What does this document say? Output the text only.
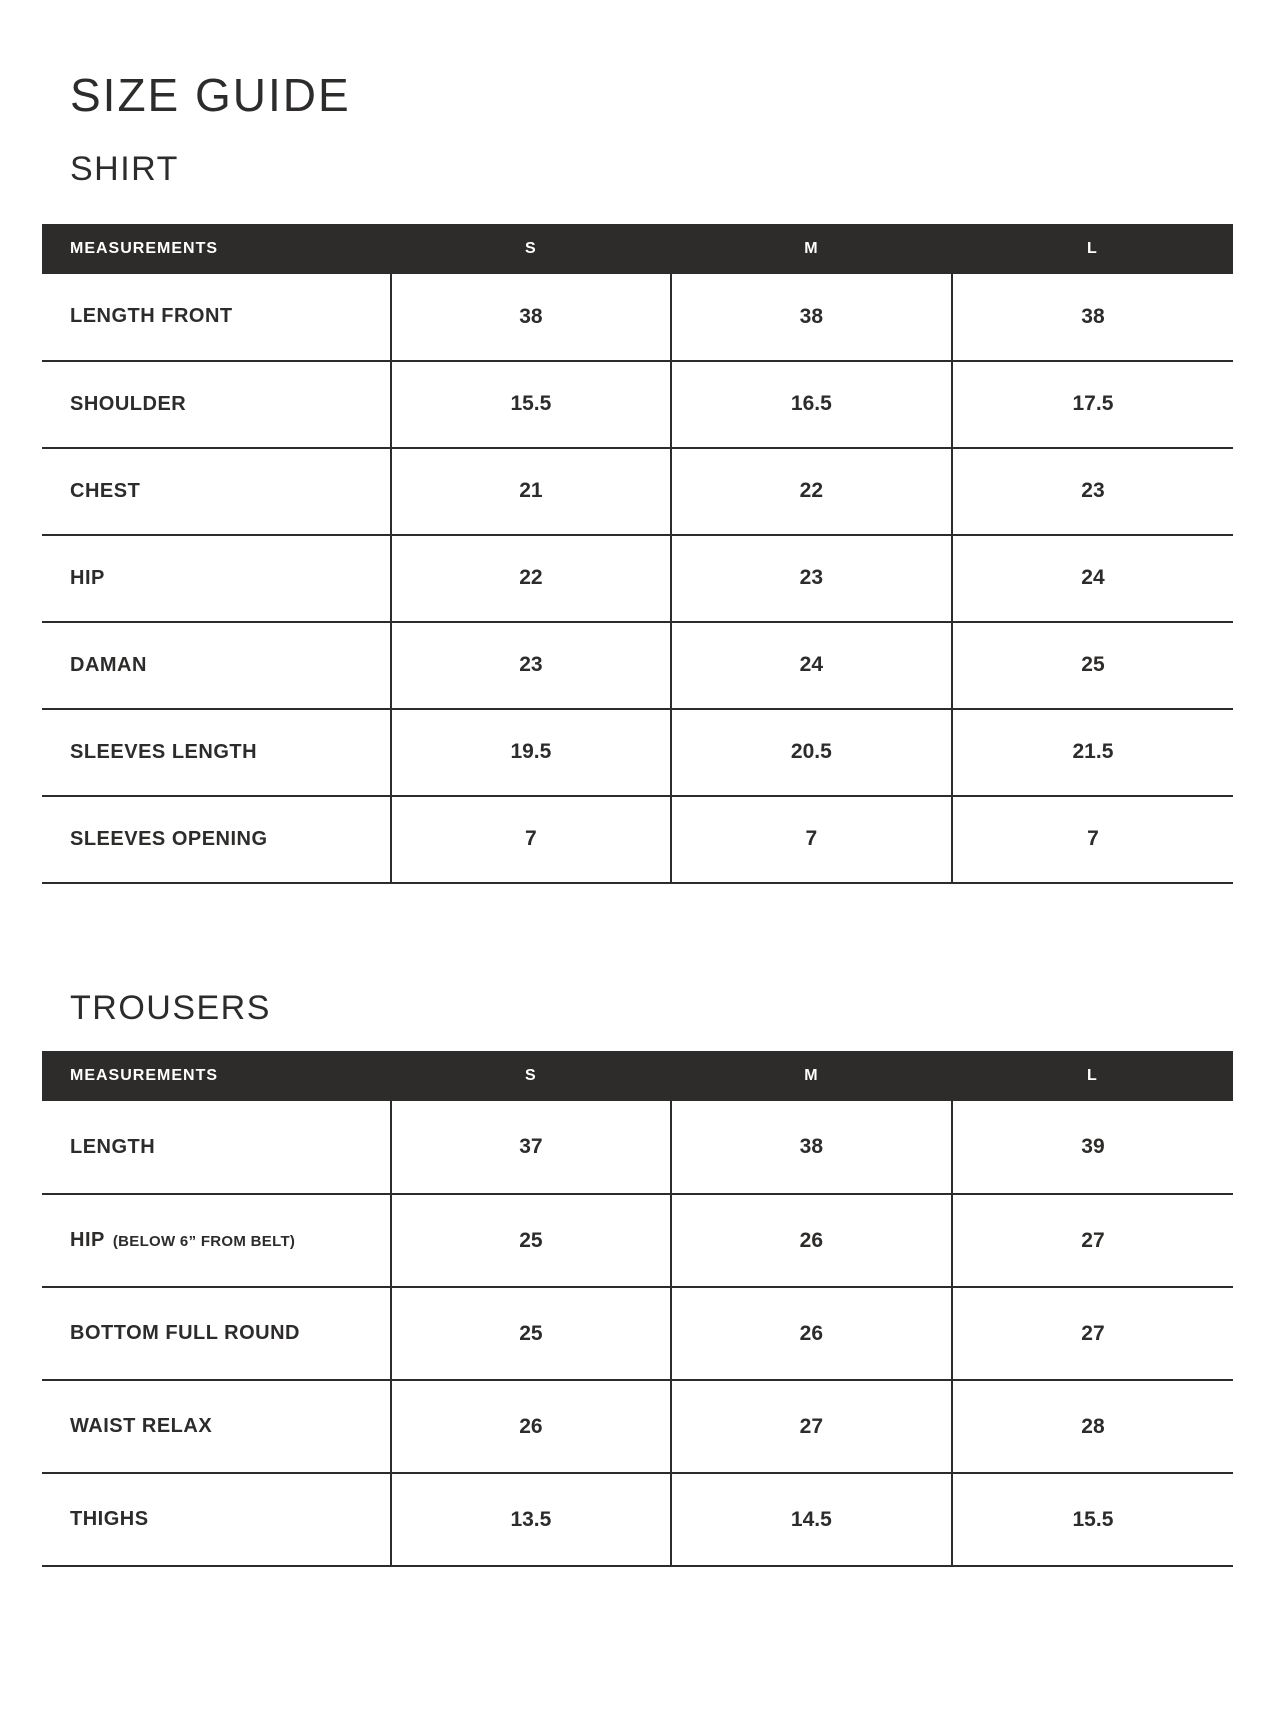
SIZE GUIDE
SHIRT
MEASUREMENTS	S	M	L
LENGTH FRONT	38	38	38
SHOULDER	15.5	16.5	17.5
CHEST	21	22	23
HIP	22	23	24
DAMAN	23	24	25
SLEEVES LENGTH	19.5	20.5	21.5
SLEEVES OPENING	7	7	7
TROUSERS
MEASUREMENTS	S	M	L
LENGTH	37	38	39
HIP (BELOW 6” FROM BELT)	25	26	27
BOTTOM FULL ROUND	25	26	27
WAIST RELAX	26	27	28
THIGHS	13.5	14.5	15.5
